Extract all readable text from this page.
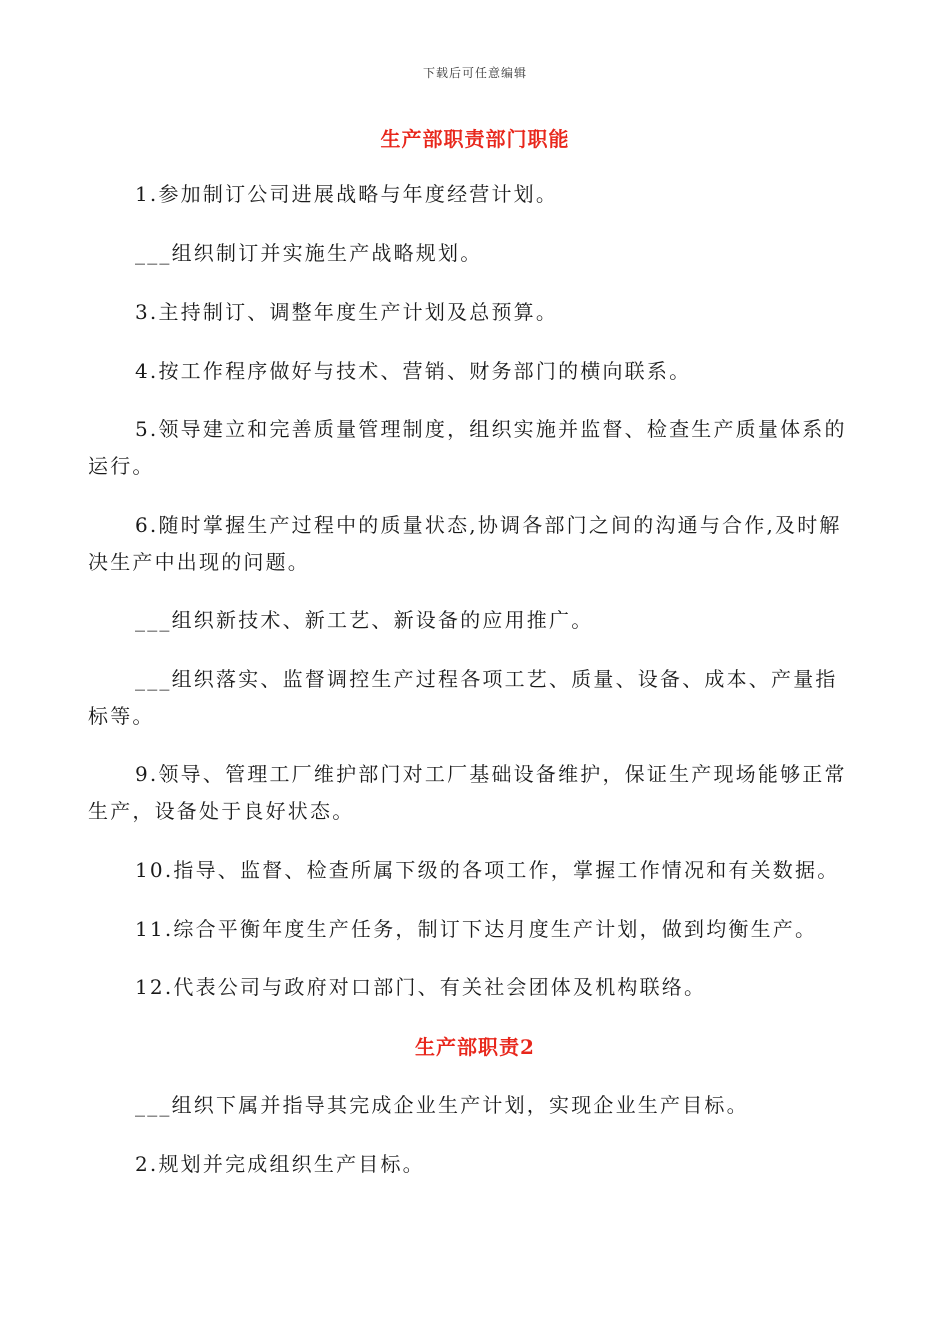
下载后可任意编辑
生产部职责部门职能

1.参加制订公司进展战略与年度经营计划。

___组织制订并实施生产战略规划。

3.主持制订、调整年度生产计划及总预算。

4.按工作程序做好与技术、营销、财务部门的横向联系。

5.领导建立和完善质量管理制度，组织实施并监督、检查生产质量体系的运行。

6.随时掌握生产过程中的质量状态,协调各部门之间的沟通与合作,及时解决生产中出现的问题。

___组织新技术、新工艺、新设备的应用推广。

___组织落实、监督调控生产过程各项工艺、质量、设备、成本、产量指标等。

9.领导、管理工厂维护部门对工厂基础设备维护，保证生产现场能够正常生产，设备处于良好状态。

10.指导、监督、检查所属下级的各项工作，掌握工作情况和有关数据。

11.综合平衡年度生产任务，制订下达月度生产计划，做到均衡生产。

12.代表公司与政府对口部门、有关社会团体及机构联络。

生产部职责2

___组织下属并指导其完成企业生产计划，实现企业生产目标。

2.规划并完成组织生产目标。
